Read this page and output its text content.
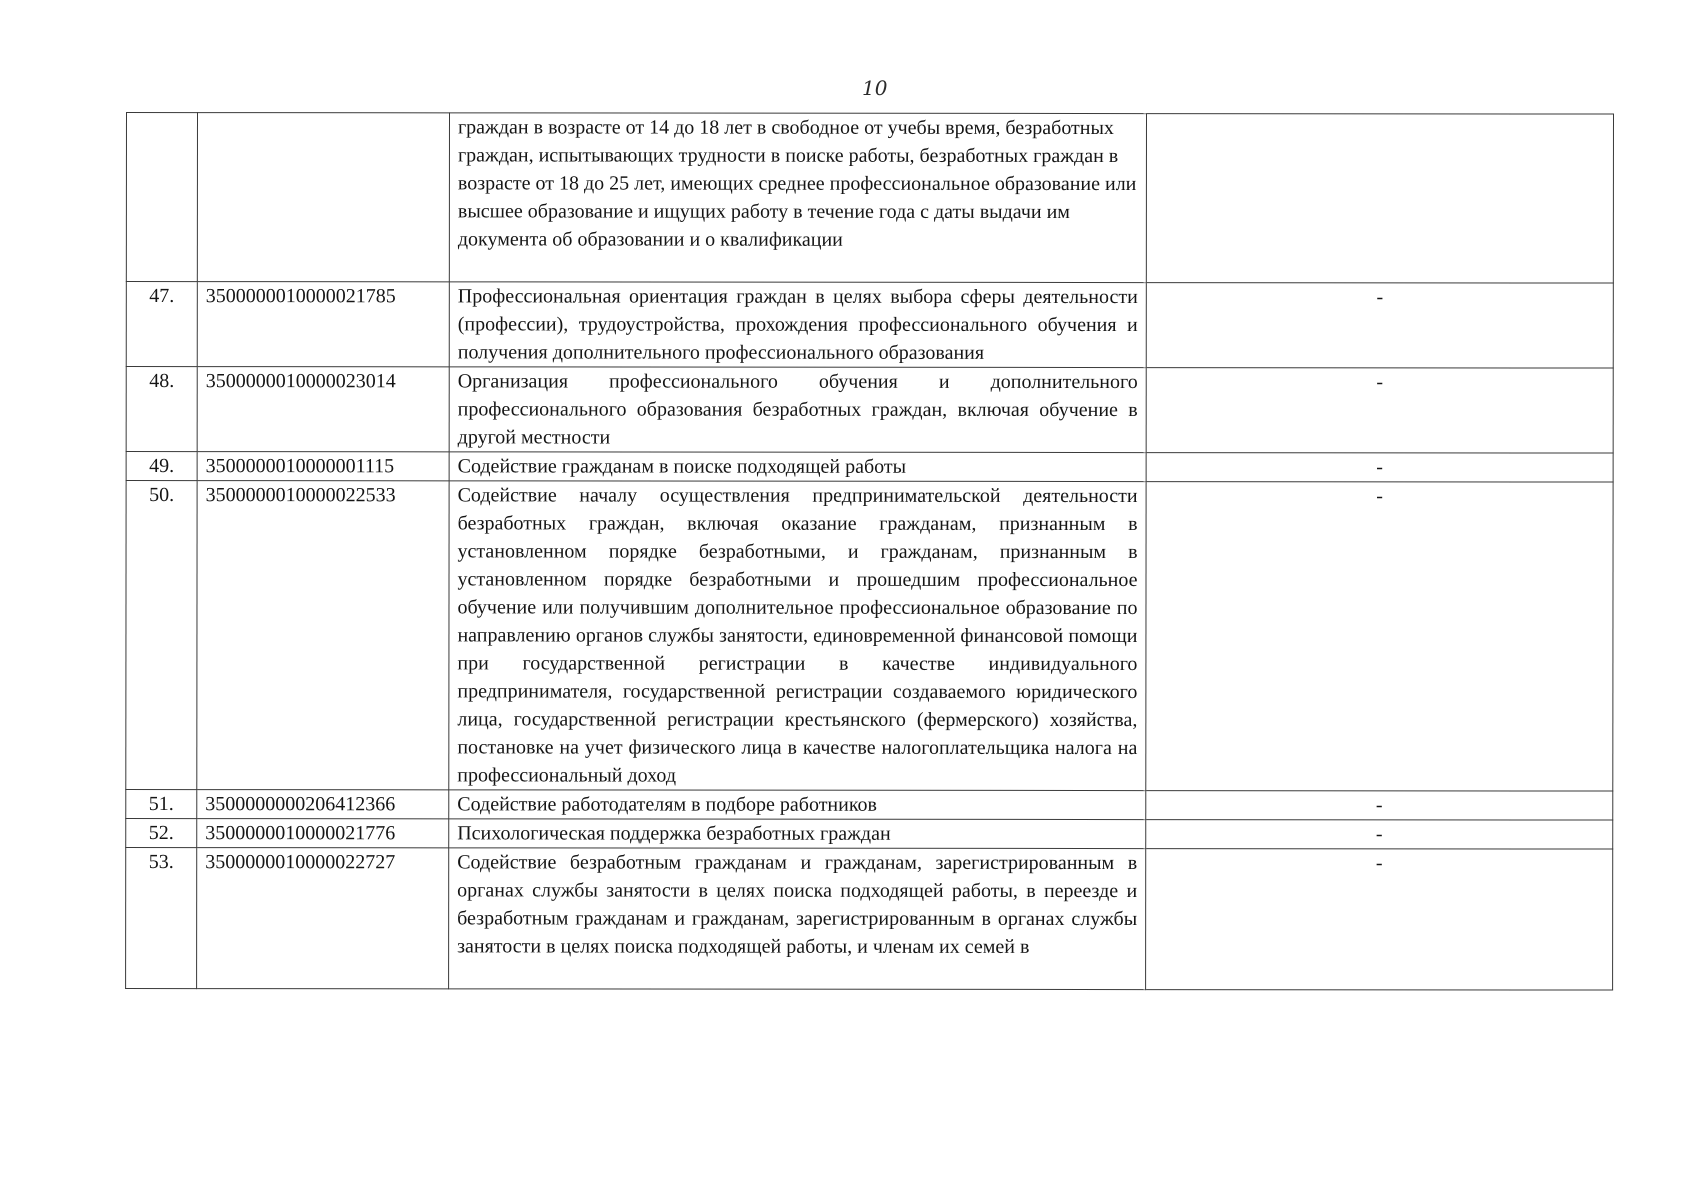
10

		граждан в возрасте от 14 до 18 лет в свободное от учебы время, безработных граждан, испытывающих трудности в поиске работы, безработных граждан в возрасте от 18 до 25 лет, имеющих среднее профессиональное образование или высшее образование и ищущих работу в течение года с даты выдачи им документа об образовании и о квалификации	

47.	3500000010000021785	Профессиональная ориентация граждан в целях выбора сферы деятельности (профессии), трудоустройства, прохождения профессионального обучения и получения дополнительного профессионального образования	-
48.	3500000010000023014	Организация профессионального обучения и дополнительного профессионального образования безработных граждан, включая обучение в другой местности	-
49.	3500000010000001115	Содействие гражданам в поиске подходящей работы	-
50.	3500000010000022533	Содействие началу осуществления предпринимательской деятельности безработных граждан, включая оказание гражданам, признанным в установленном порядке безработными, и гражданам, признанным в установленном порядке безработными и прошедшим профессиональное обучение или получившим дополнительное профессиональное образование по направлению органов службы занятости, единовременной финансовой помощи при государственной регистрации в качестве индивидуального предпринимателя, государственной регистрации создаваемого юридического лица, государственной регистрации крестьянского (фермерского) хозяйства, постановке на учет физического лица в качестве налогоплательщика налога на профессиональный доход	-
51.	3500000000206412366	Содействие работодателям в подборе работников	-
52.	3500000010000021776	Психологическая поддержка безработных граждан	-
53.	3500000010000022727	Содействие безработным гражданам и гражданам, зарегистрированным в органах службы занятости в целях поиска подходящей работы, в переезде и безработным гражданам и гражданам, зарегистрированным в органах службы занятости в целях поиска подходящей работы, и членам их семей в	-
